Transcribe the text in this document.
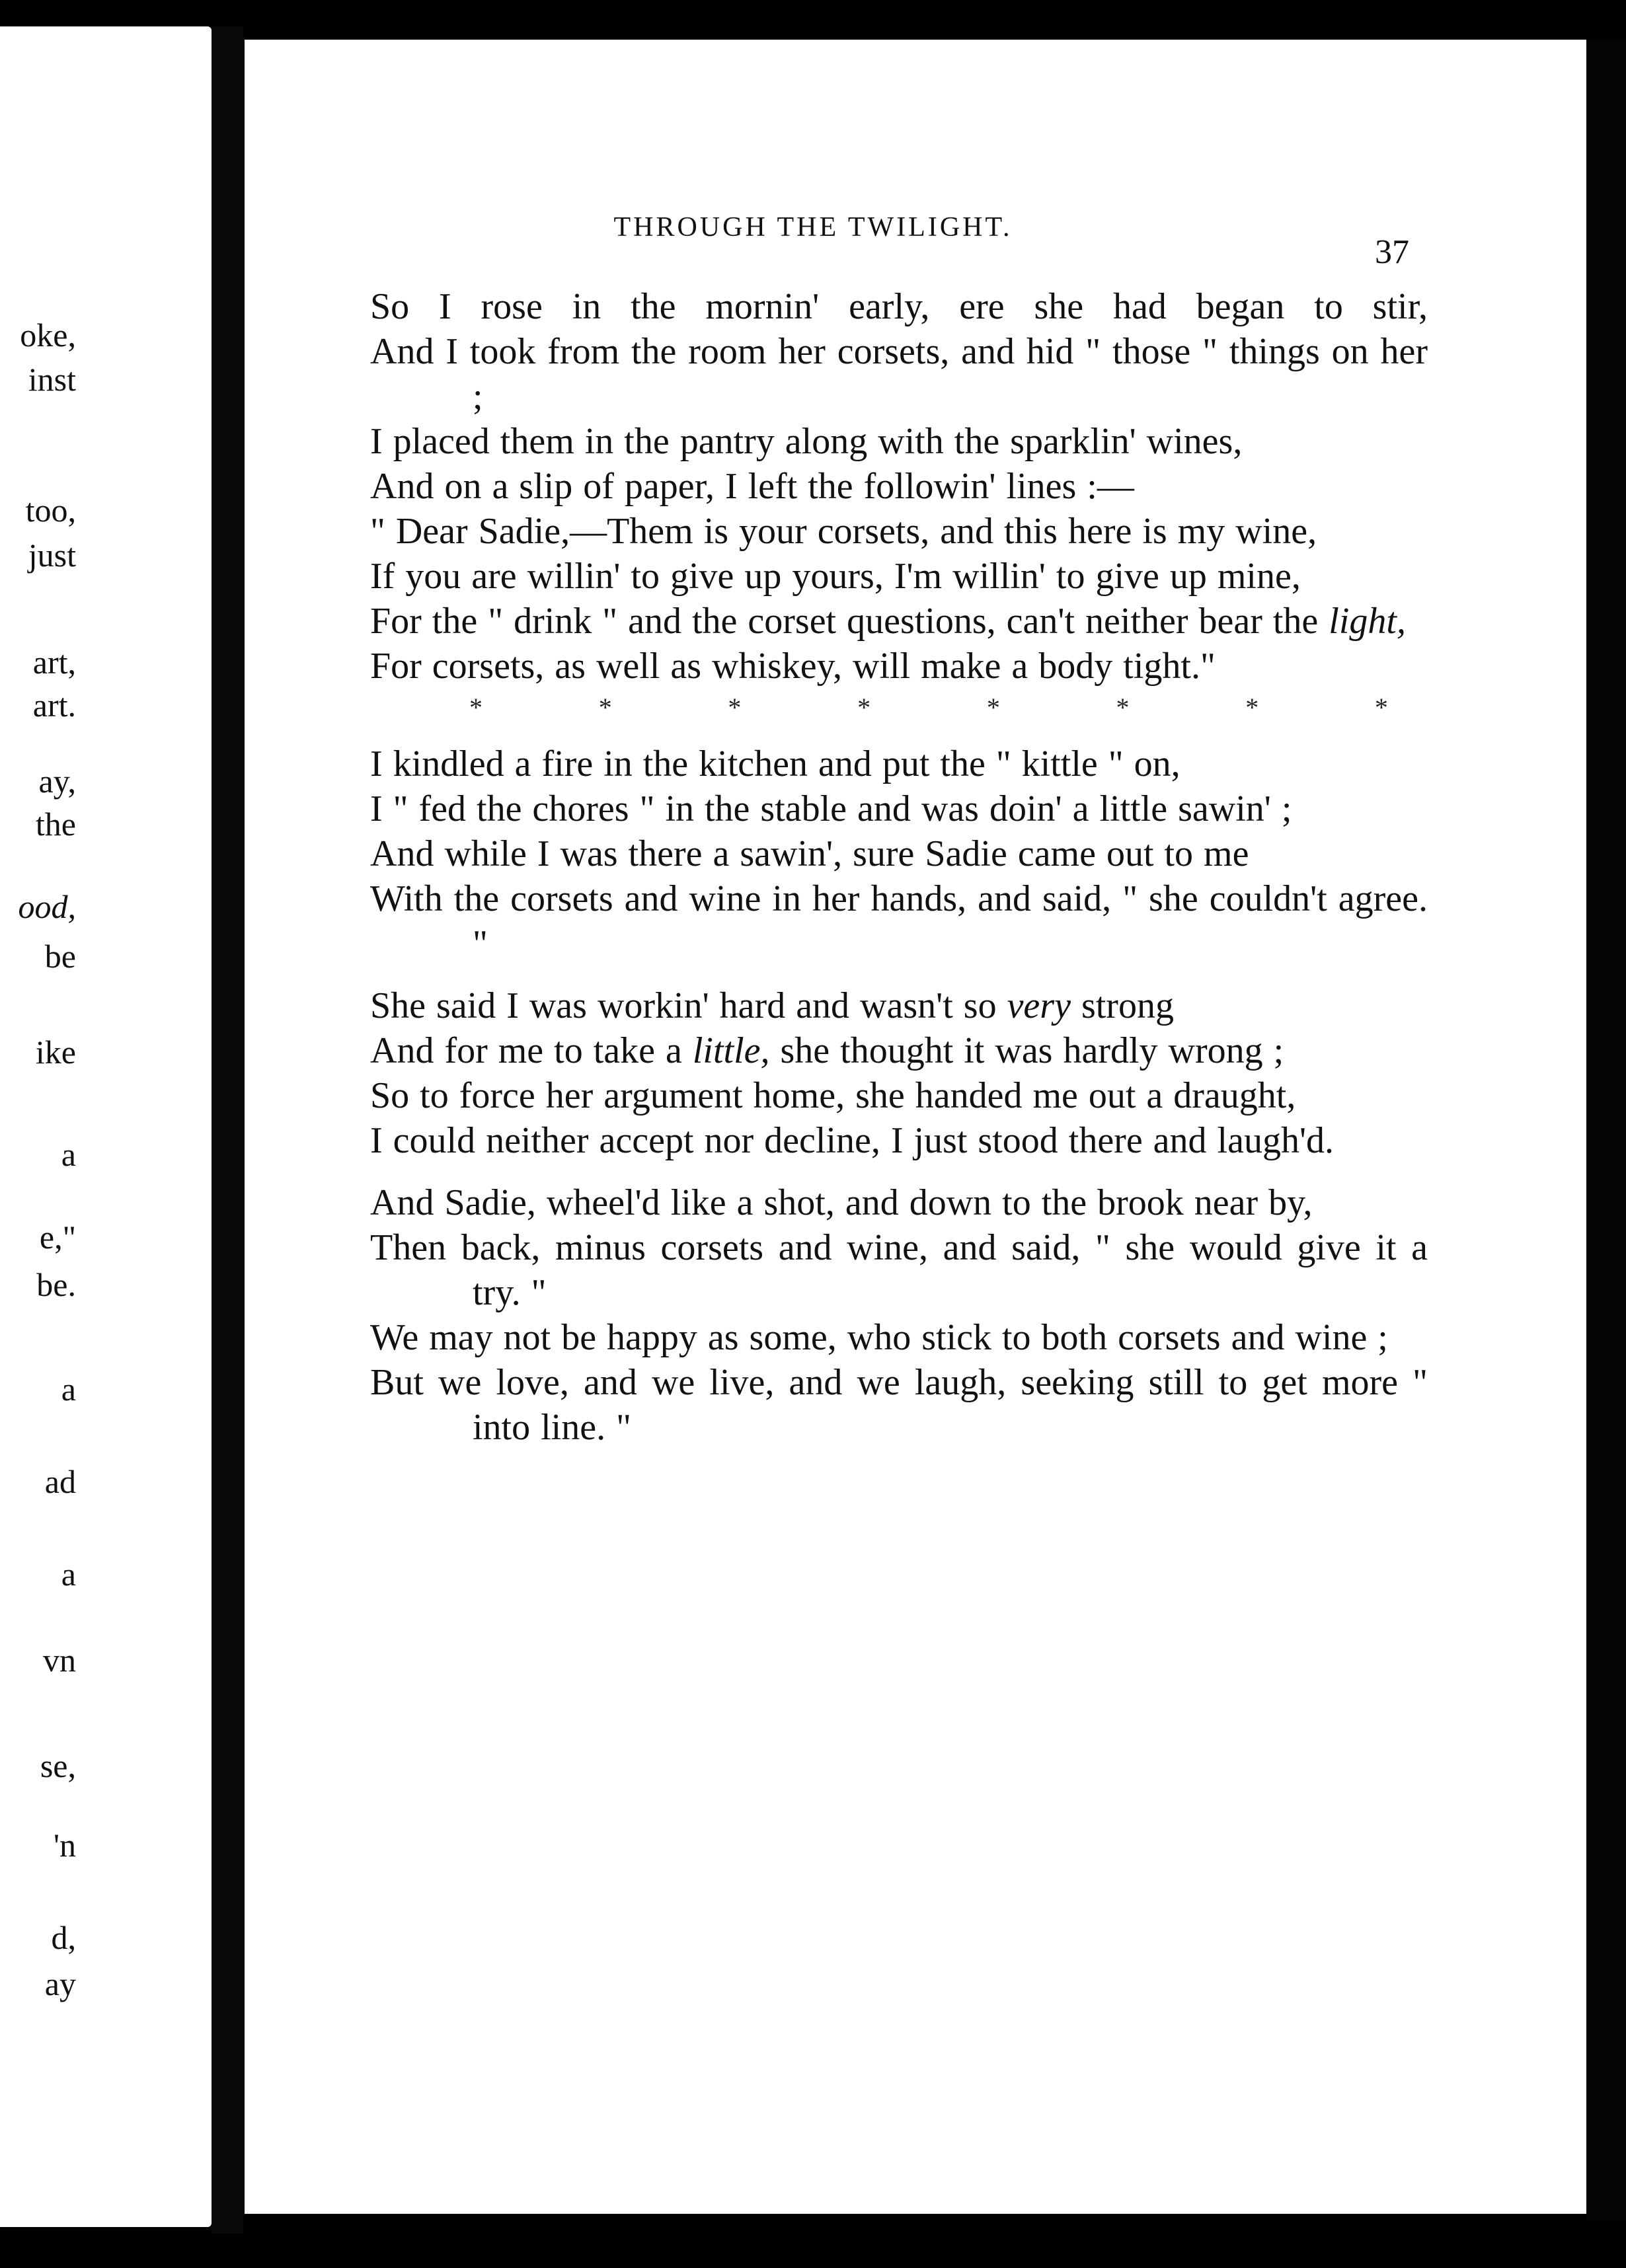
oke,
inst
too,
just
art,
art.
ay,
the
ood,
be
ike
a
e,"
be.
a
ad
a
vn
se,
'n
d,
ay
THROUGH THE TWILIGHT.
37
So I rose in the mornin' early, ere she had began to stir,
And I took from the room her corsets, and hid " those " things on her ;
I placed them in the pantry along with the sparklin' wines,
And on a slip of paper, I left the followin' lines :—
" Dear Sadie,—Them is your corsets, and this here is my wine,
If you are willin' to give up yours, I'm willin' to give up mine,
For the " drink " and the corset questions, can't neither bear the light,
For corsets, as well as whiskey, will make a body tight."
*	*	*	*	*	*	*	*
I kindled a fire in the kitchen and put the " kittle " on,
I " fed the chores " in the stable and was doin' a little sawin' ;
And while I was there a sawin', sure Sadie came out to me
With the corsets and wine in her hands, and said, " she couldn't agree. "
She said I was workin' hard and wasn't so very strong
And for me to take a little, she thought it was hardly wrong ;
So to force her argument home, she handed me out a draught,
I could neither accept nor decline, I just stood there and laugh'd.
And Sadie, wheel'd like a shot, and down to the brook near by,
Then back, minus corsets and wine, and said, " she would give it a try. "
We may not be happy as some, who stick to both corsets and wine ;
But we love, and we live, and we laugh, seeking still to get more " into line. "
